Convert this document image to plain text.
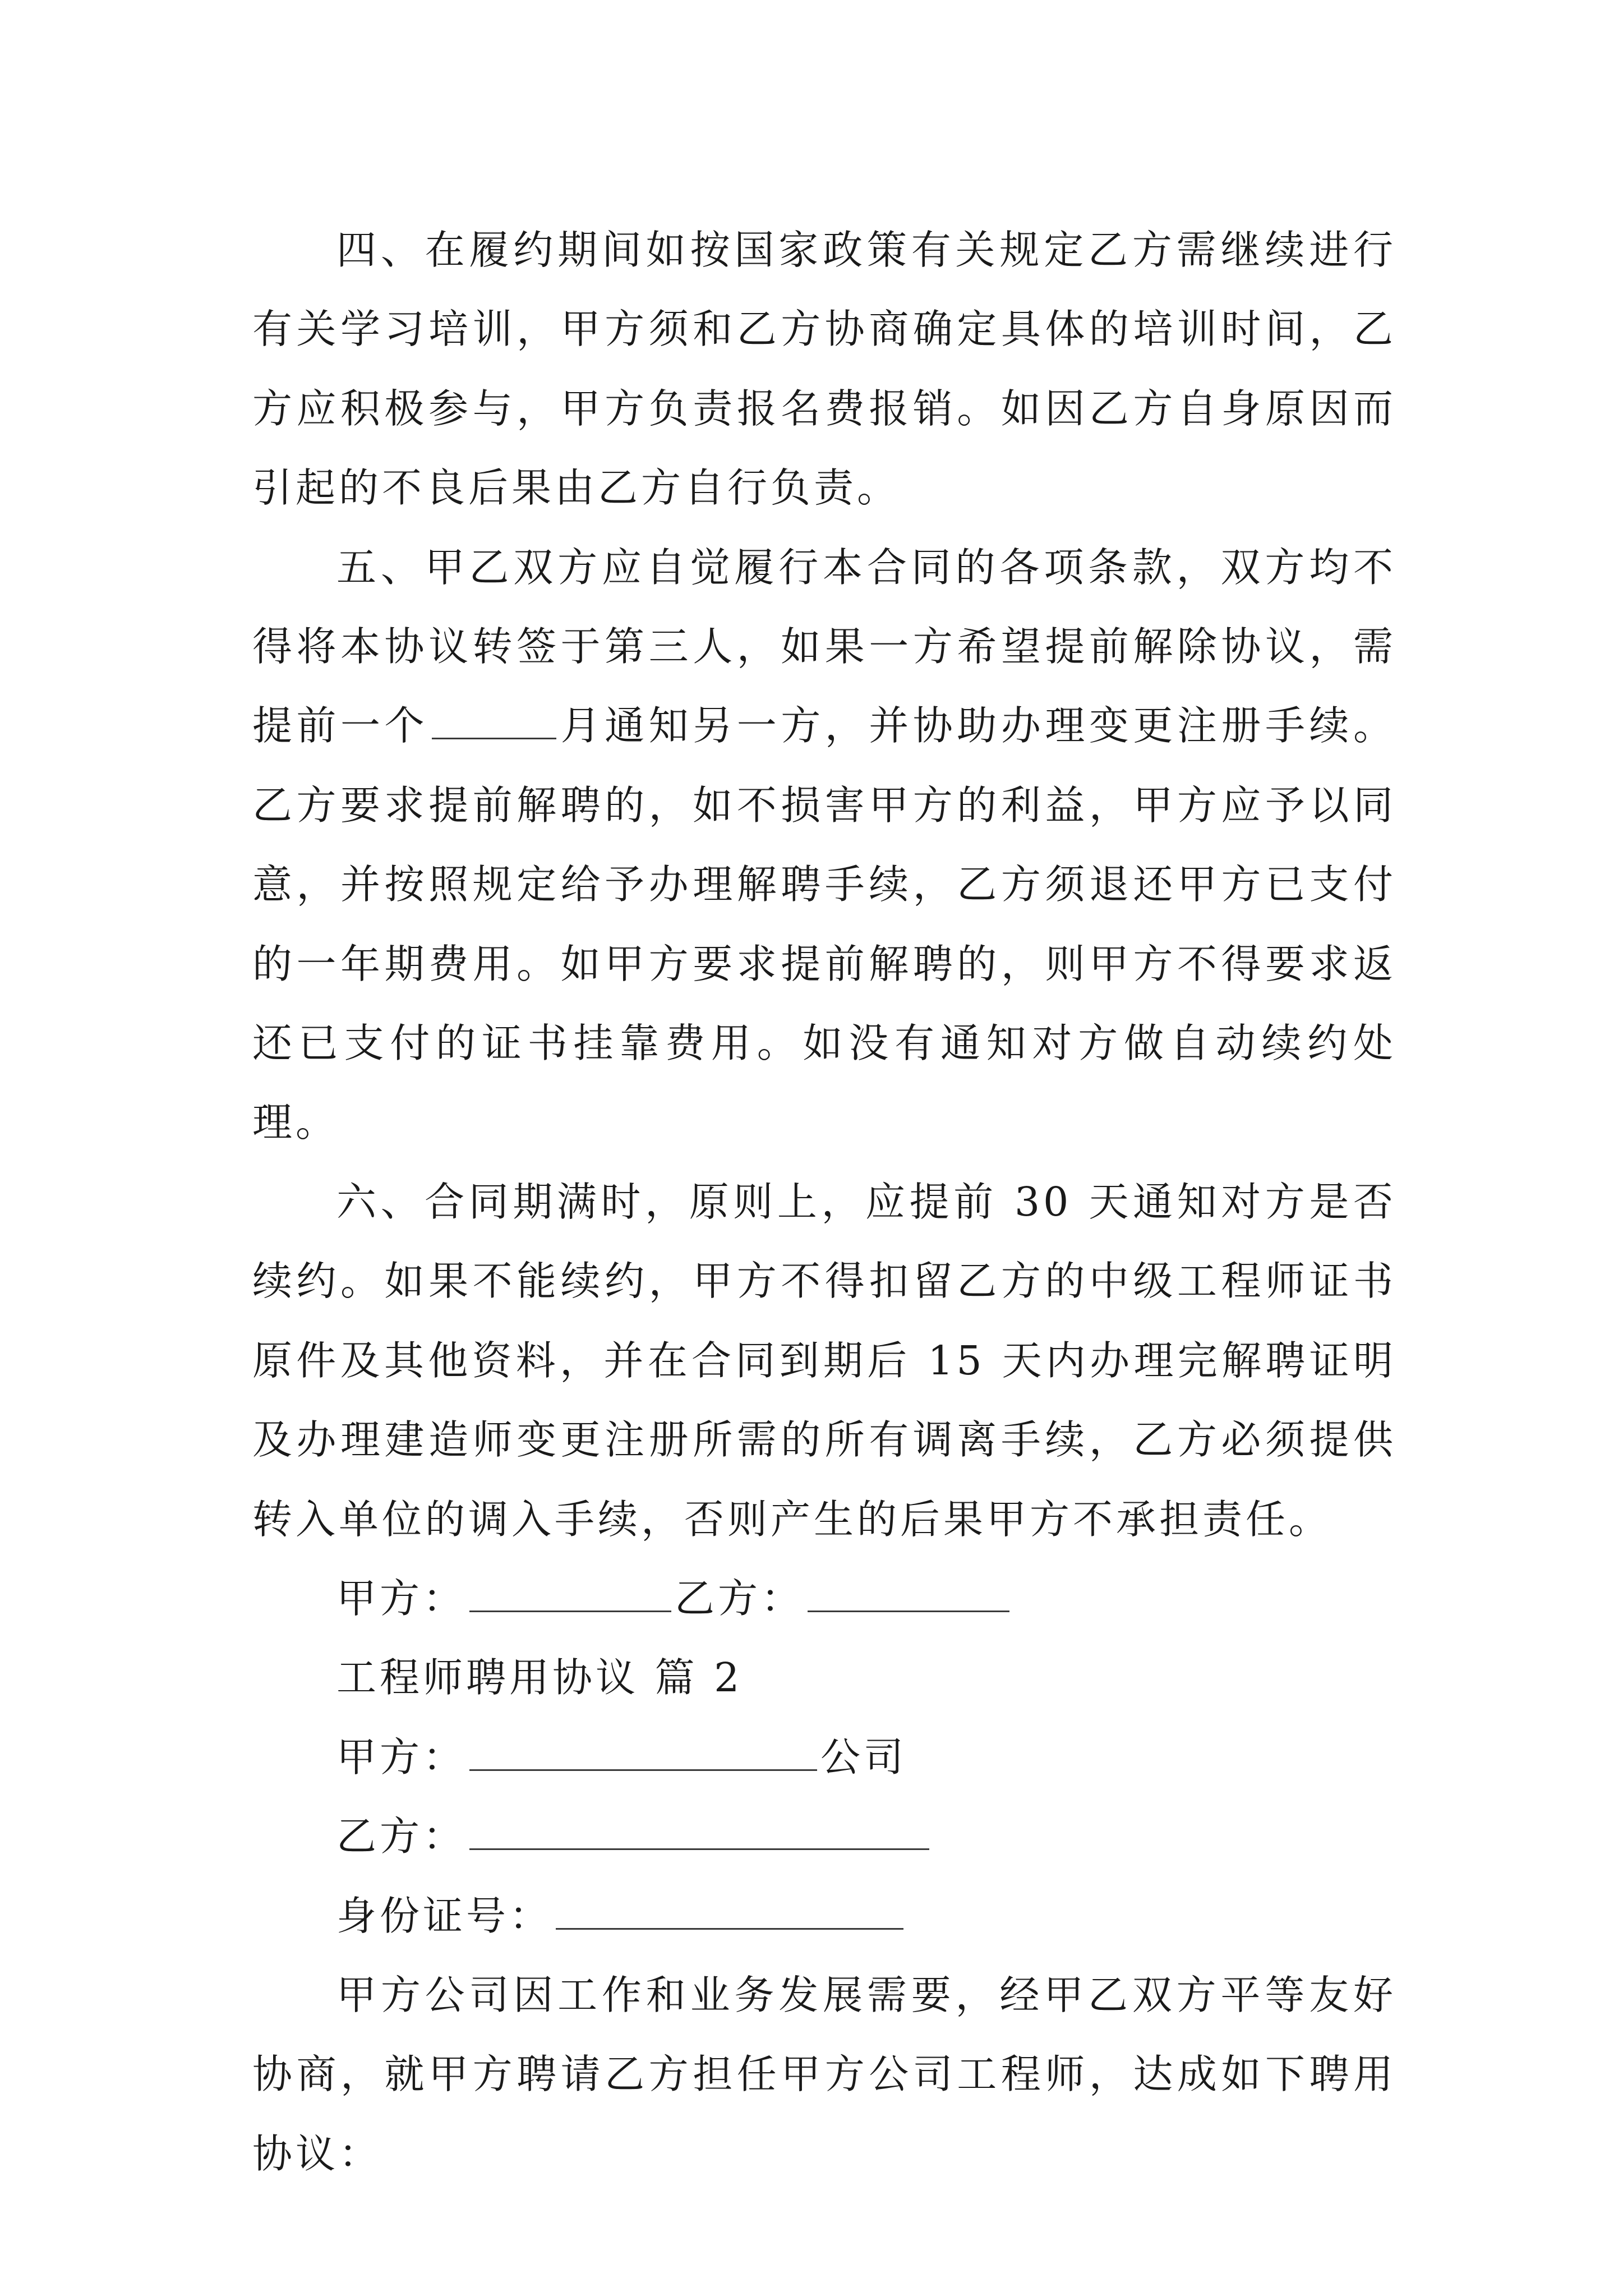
四、在履约期间如按国家政策有关规定乙方需继续进行有关学习培训，甲方须和乙方协商确定具体的培训时间，乙方应积极参与，甲方负责报名费报销。如因乙方自身原因而引起的不良后果由乙方自行负责。

五、甲乙双方应自觉履行本合同的各项条款，双方均不得将本协议转签于第三人，如果一方希望提前解除协议，需提前一个	月通知另一方，并协助办理变更注册手续。乙方要求提前解聘的，如不损害甲方的利益，甲方应予以同意，并按照规定给予办理解聘手续，乙方须退还甲方已支付的一年期费用。如甲方要求提前解聘的，则甲方不得要求返还已支付的证书挂靠费用。如没有通知对方做自动续约处理。

六、合同期满时，原则上，应提前 30 天通知对方是否续约。如果不能续约，甲方不得扣留乙方的中级工程师证书原件及其他资料，并在合同到期后 15 天内办理完解聘证明及办理建造师变更注册所需的所有调离手续，乙方必须提供转入单位的调入手续，否则产生的后果甲方不承担责任。

甲方：	乙方：

工程师聘用协议 篇 2

甲方：	公司

乙方：

身份证号：

甲方公司因工作和业务发展需要，经甲乙双方平等友好协商，就甲方聘请乙方担任甲方公司工程师，达成如下聘用协议：
